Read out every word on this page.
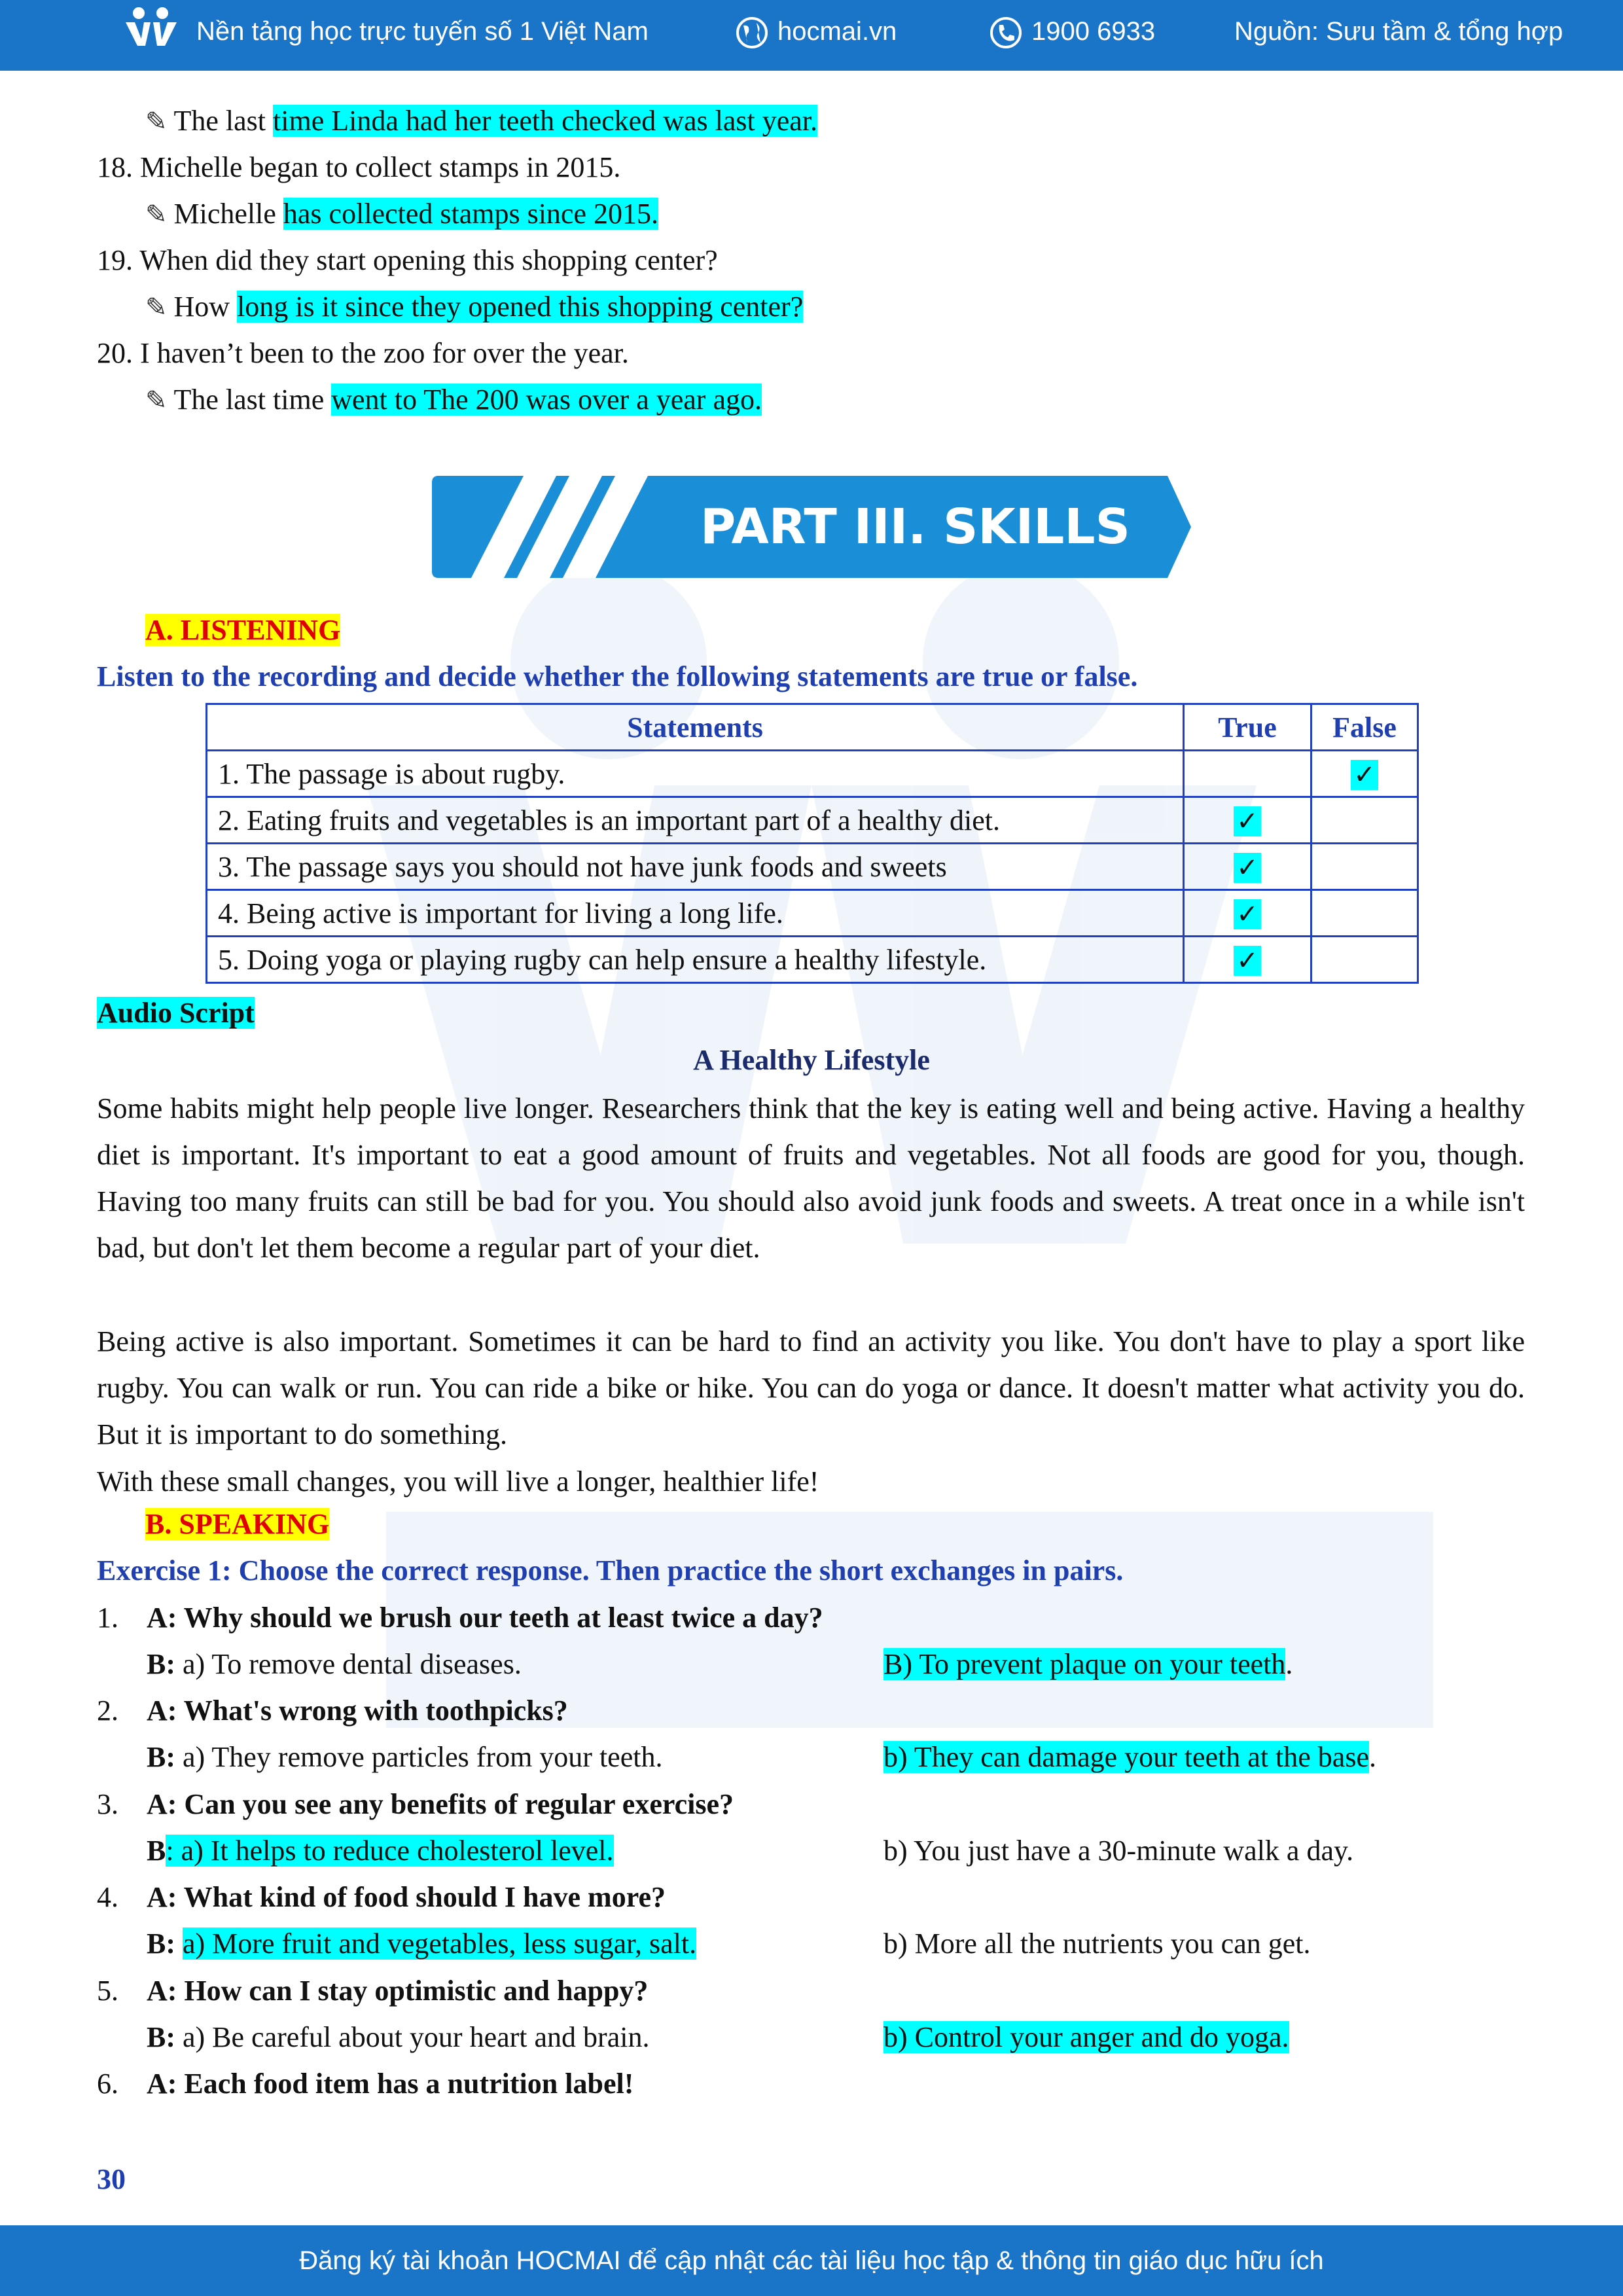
Nền tảng học trực tuyến số 1 Việt Nam	hocmai.vn	1900 6933	Nguồn: Sưu tầm & tổng hợp
✎ The last time Linda had her teeth checked was last year.
18. Michelle began to collect stamps in 2015.
✎ Michelle has collected stamps since 2015.
19. When did they start opening this shopping center?
✎ How long is it since they opened this shopping center?
20. I haven’t been to the zoo for over the year.
✎ The last time went to The 200 was over a year ago.
PART III. SKILLS
A. LISTENING
Listen to the recording and decide whether the following statements are true or false.
Statements	True	False
1. The passage is about rugby.		✓
2. Eating fruits and vegetables is an important part of a healthy diet.	✓	
3. The passage says you should not have junk foods and sweets	✓	
4. Being active is important for living a long life.	✓	
5. Doing yoga or playing rugby can help ensure a healthy lifestyle.	✓	
Audio Script
A Healthy Lifestyle
Some habits might help people live longer. Researchers think that the key is eating well and being active. Having a healthy diet is important. It's important to eat a good amount of fruits and vegetables. Not all foods are good for you, though. Having too many fruits can still be bad for you. You should also avoid junk foods and sweets. A treat once in a while isn't bad, but don't let them become a regular part of your diet.
Being active is also important. Sometimes it can be hard to find an activity you like. You don't have to play a sport like rugby. You can walk or run. You can ride a bike or hike. You can do yoga or dance. It doesn't matter what activity you do. But it is important to do something.
With these small changes, you will live a longer, healthier life!
B. SPEAKING
Exercise 1: Choose the correct response. Then practice the short exchanges in pairs.
1. A: Why should we brush our teeth at least twice a day?
B: a) To remove dental diseases.	B) To prevent plaque on your teeth.
2. A: What's wrong with toothpicks?
B: a) They remove particles from your teeth.	b) They can damage your teeth at the base.
3. A: Can you see any benefits of regular exercise?
B: a) It helps to reduce cholesterol level.	b) You just have a 30-minute walk a day.
4. A: What kind of food should I have more?
B: a) More fruit and vegetables, less sugar, salt.	b) More all the nutrients you can get.
5. A: How can I stay optimistic and happy?
B: a) Be careful about your heart and brain.	b) Control your anger and do yoga.
6. A: Each food item has a nutrition label!
30
Đăng ký tài khoản HOCMAI để cập nhật các tài liệu học tập & thông tin giáo dục hữu ích
